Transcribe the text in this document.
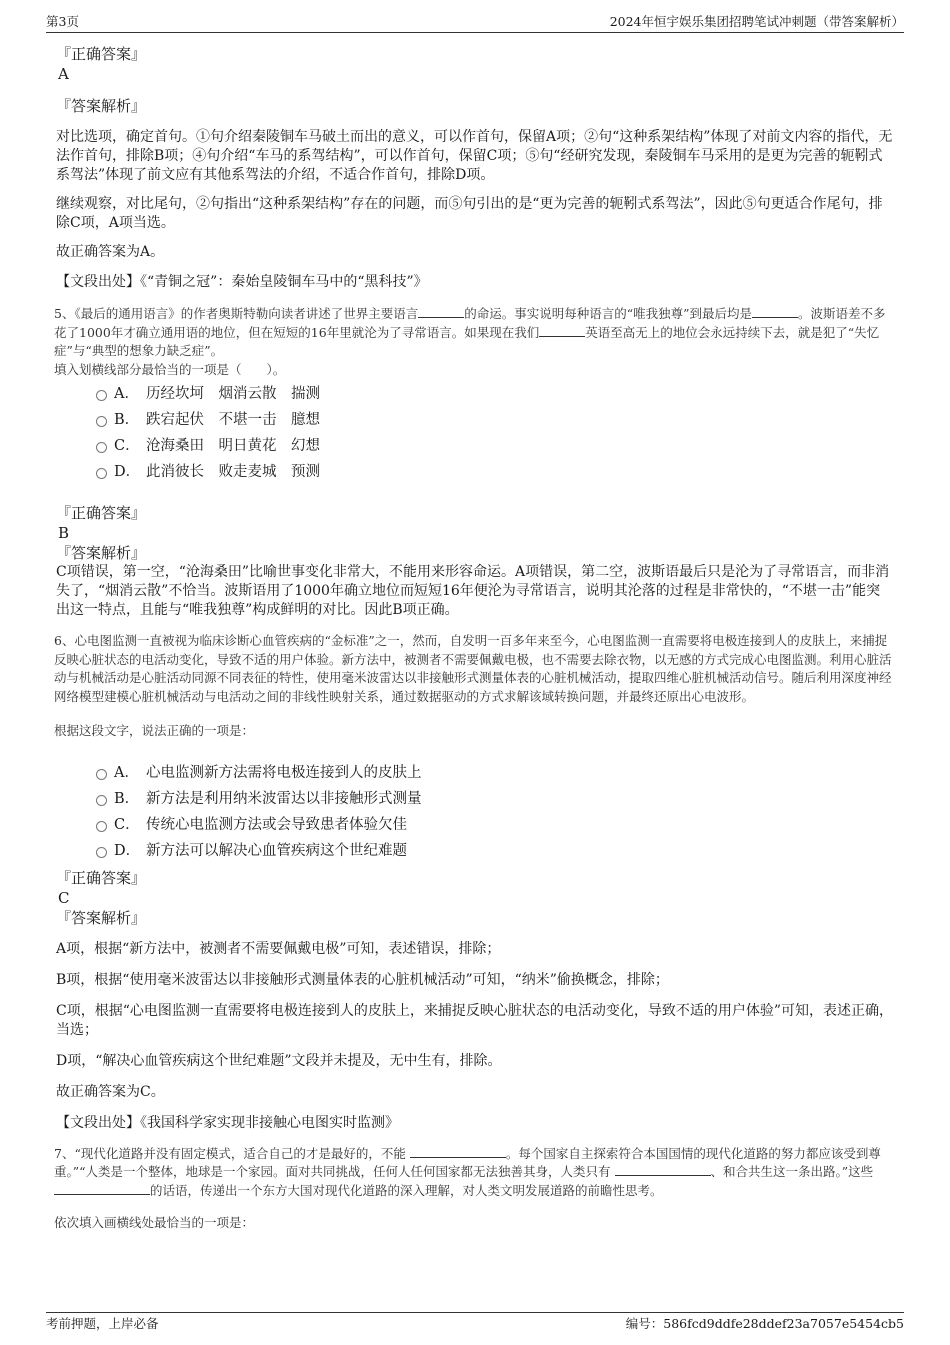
第3页	2024年恒宇娱乐集团招聘笔试冲刺题（带答案解析）

『正确答案』

A

『答案解析』

对比选项，确定首句。①句介绍秦陵铜车马破土而出的意义，可以作首句，保留A项；②句“这种系架结构”体现了对前文内容的指代，无法作首句，排除B项；④句介绍“车马的系驾结构”，可以作首句，保留C项；⑤句“经研究发现，秦陵铜车马采用的是更为完善的轭靷式系驾法”体现了前文应有其他系驾法的介绍，不适合作首句，排除D项。

继续观察，对比尾句，②句指出“这种系架结构”存在的问题，而⑤句引出的是“更为完善的轭靷式系驾法”，因此⑤句更适合作尾句，排除C项，A项当选。

故正确答案为A。

【文段出处】《“青铜之冠”：秦始皇陵铜车马中的“黑科技”》

5、《最后的通用语言》的作者奥斯特勒向读者讲述了世界主要语言	的命运。事实说明每种语言的“唯我独尊”到最后均是	。波斯语差不多花了1000年才确立通用语的地位，但在短短的16年里就沦为了寻常语言。如果现在我们	英语至高无上的地位会永远持续下去，就是犯了“失忆症”与“典型的想象力缺乏症”。

填入划横线部分最恰当的一项是（　　）。

A． 历经坎坷　烟消云散　揣测
B． 跌宕起伏　不堪一击　臆想
C． 沧海桑田　明日黄花　幻想
D． 此消彼长　败走麦城　预测

『正确答案』

B

『答案解析』

C项错误，第一空，“沧海桑田”比喻世事变化非常大，不能用来形容命运。A项错误，第二空，波斯语最后只是沦为了寻常语言，而非消失了，“烟消云散”不恰当。波斯语用了1000年确立地位而短短16年便沦为寻常语言，说明其沦落的过程是非常快的，“不堪一击”能突出这一特点，且能与“唯我独尊”构成鲜明的对比。因此B项正确。

6、心电图监测一直被视为临床诊断心血管疾病的“金标准”之一，然而，自发明一百多年来至今，心电图监测一直需要将电极连接到人的皮肤上，来捕捉反映心脏状态的电活动变化，导致不适的用户体验。新方法中，被测者不需要佩戴电极，也不需要去除衣物，以无感的方式完成心电图监测。利用心脏活动与机械活动是心脏活动同源不同表征的特性，使用毫米波雷达以非接触形式测量体表的心脏机械活动，提取四维心脏机械活动信号。随后利用深度神经网络模型建模心脏机械活动与电活动之间的非线性映射关系，通过数据驱动的方式求解该域转换问题，并最终还原出心电波形。

根据这段文字，说法正确的一项是：

A． 心电监测新方法需将电极连接到人的皮肤上
B． 新方法是利用纳米波雷达以非接触形式测量
C． 传统心电监测方法或会导致患者体验欠佳
D． 新方法可以解决心血管疾病这个世纪难题

『正确答案』

C

『答案解析』

A项，根据“新方法中，被测者不需要佩戴电极”可知，表述错误，排除；

B项，根据“使用毫米波雷达以非接触形式测量体表的心脏机械活动”可知，“纳米”偷换概念，排除；

C项，根据“心电图监测一直需要将电极连接到人的皮肤上，来捕捉反映心脏状态的电活动变化，导致不适的用户体验”可知，表述正确，当选；

D项，“解决心血管疾病这个世纪难题”文段并未提及，无中生有，排除。

故正确答案为C。

【文段出处】《我国科学家实现非接触心电图实时监测》

7、“现代化道路并没有固定模式，适合自己的才是最好的，不能	。每个国家自主探索符合本国国情的现代化道路的努力都应该受到尊重。”“人类是一个整体，地球是一个家园。面对共同挑战，任何人任何国家都无法独善其身，人类只有	、和合共生这一条出路。”这些 的话语，传递出一个东方大国对现代化道路的深入理解，对人类文明发展道路的前瞻性思考。

依次填入画横线处最恰当的一项是：

考前押题，上岸必备	编号：586fcd9ddfe28ddef23a7057e5454cb5
